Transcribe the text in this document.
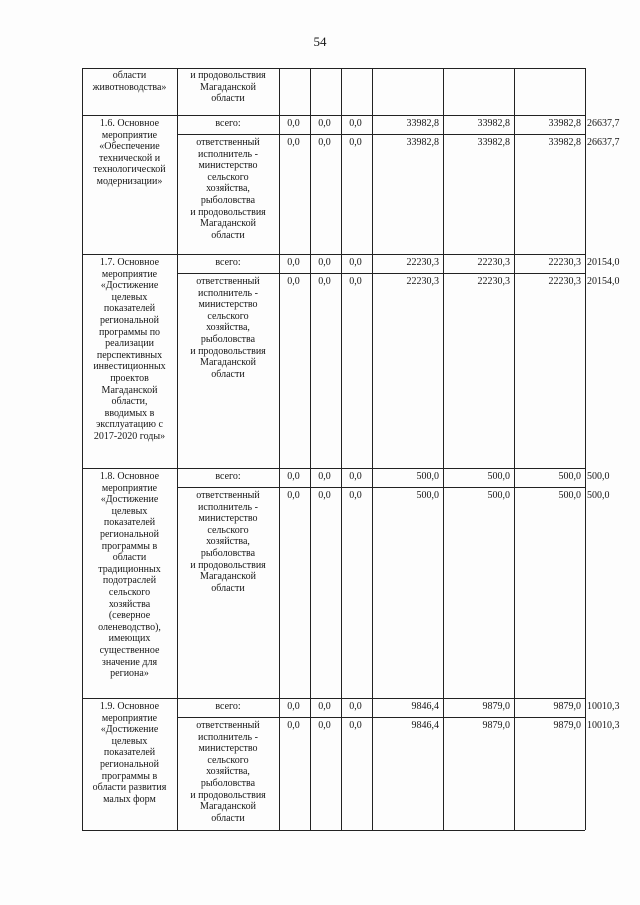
54
области
животноводства»
и продовольствия
Магаданской
области
1.6. Основное
мероприятие
«Обеспечение
технической и
технологической
модернизации»
всего:
ответственный
исполнитель -
министерство
сельского
хозяйства,
рыболовства
и продовольствия
Магаданской
области
0,0
0,0
0,0
0,0
0,0
0,0
33982,8
33982,8
33982,8
33982,8
33982,8
33982,8
26637,7
26637,7
1.7. Основное
мероприятие
«Достижение
целевых
показателей
региональной
программы по
реализации
перспективных
инвестиционных
проектов
Магаданской
области,
вводимых в
эксплуатацию с
2017-2020 годы»
всего:
ответственный
исполнитель -
министерство
сельского
хозяйства,
рыболовства
и продовольствия
Магаданской
области
0,0
0,0
0,0
0,0
0,0
0,0
22230,3
22230,3
22230,3
22230,3
22230,3
22230,3
20154,0
20154,0
1.8. Основное
мероприятие
«Достижение
целевых
показателей
региональной
программы в
области
традиционных
подотраслей
сельского
хозяйства
(северное
оленеводство),
имеющих
существенное
значение для
региона»
всего:
ответственный
исполнитель -
министерство
сельского
хозяйства,
рыболовства
и продовольствия
Магаданской
области
0,0
0,0
0,0
0,0
0,0
0,0
500,0
500,0
500,0
500,0
500,0
500,0
500,0
500,0
1.9. Основное
мероприятие
«Достижение
целевых
показателей
региональной
программы в
области развития
малых форм
всего:
ответственный
исполнитель -
министерство
сельского
хозяйства,
рыболовства
и продовольствия
Магаданской
области
0,0
0,0
0,0
0,0
0,0
0,0
9846,4
9846,4
9879,0
9879,0
9879,0
9879,0
10010,3
10010,3
